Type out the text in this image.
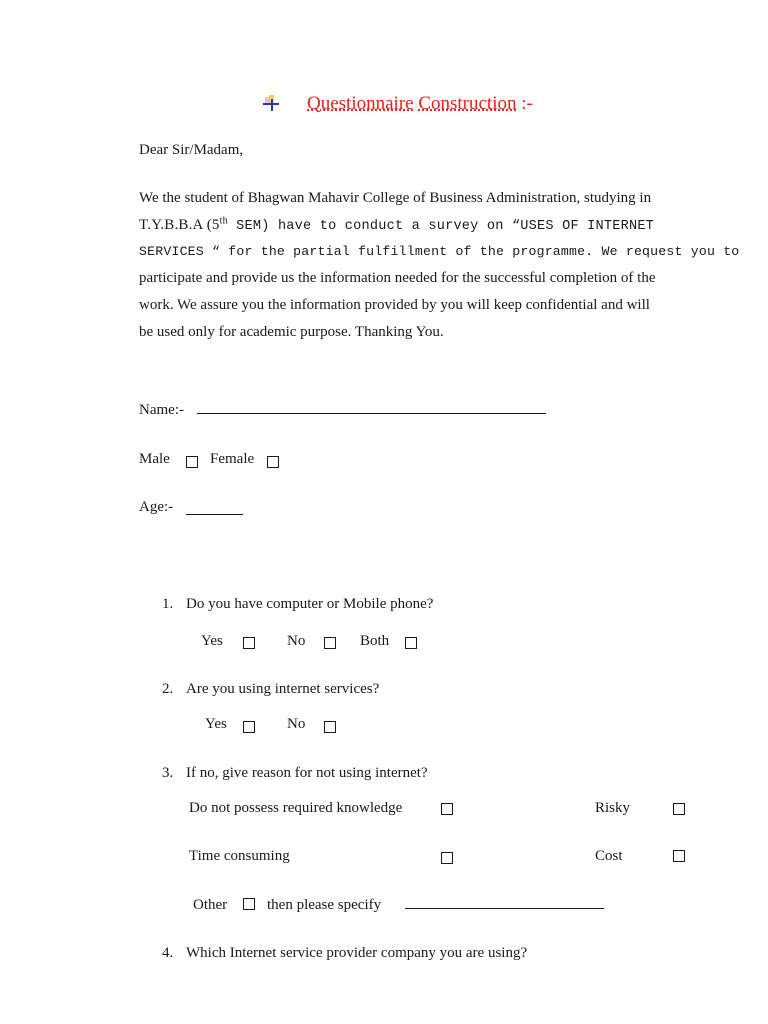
Questionnaire Construction :-
Dear Sir/Madam,
We the student of Bhagwan Mahavir College of Business Administration, studying in
T.Y.B.B.A (5th SEM) have to conduct a survey on “USES OF INTERNET
SERVICES “ for the partial fulfillment of the programme. We request you to
participate and provide us the information needed for the successful completion of the
work. We assure you the information provided by you will keep confidential and will
be used only for academic purpose. Thanking You.
Name:-
Male	Female
Age:-
1. Do you have computer or Mobile phone?
Yes	No	Both
2. Are you using internet services?
Yes	No
3. If no, give reason for not using internet?
Do not possess required knowledge	Risky
Time consuming	Cost
Other	then please specify
4. Which Internet service provider company you are using?
